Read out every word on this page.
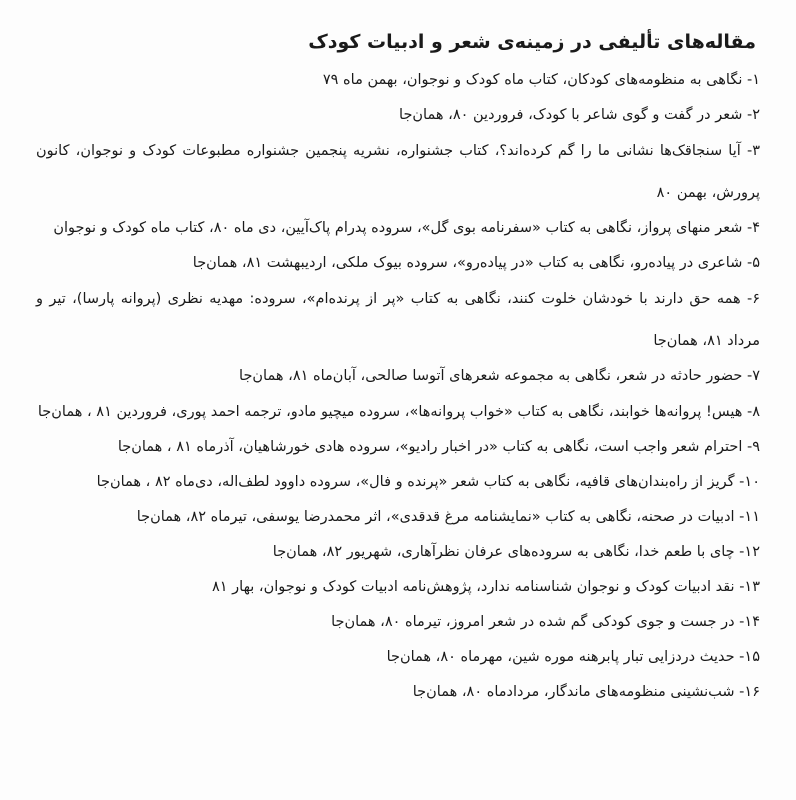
مقاله‌های تألیفی در زمینه‌ی شعر و ادبیات کودک
۱- نگاهی به منظومه‌های کودکان، کتاب ماه کودک و نوجوان، بهمن ماه ۷۹
۲- شعر در گفت و گوی شاعر با کودک، فروردین ۸۰، همان‌جا
۳- آیا سنجاقک‌ها نشانی ما را گم کرده‌اند؟، کتاب جشنواره، نشریه پنجمین جشنواره مطبوعات کودک و نوجوان، کانون پرورش، بهمن ۸۰
۴- شعر منهای پرواز، نگاهی به کتاب «سفرنامه بوی گل»، سروده پدرام پاک‌آیین، دی ماه ۸۰، کتاب ماه کودک و نوجوان
۵- شاعری در پیاده‌رو، نگاهی به کتاب «در پیاده‌رو»، سروده بیوک ملکی، اردیبهشت ۸۱، همان‌جا
۶- همه حق دارند با خودشان خلوت کنند، نگاهی به کتاب «پر از پرنده‌ام»، سروده: مهدیه نظری (پروانه پارسا)، تیر و مرداد ۸۱، همان‌جا
۷- حضور حادثه در شعر، نگاهی به مجموعه شعرهای آتوسا صالحی، آبان‌ماه ۸۱، همان‌جا
۸- هیس! پروانه‌ها خوابند، نگاهی به کتاب «خواب پروانه‌ها»، سروده میچیو مادو، ترجمه احمد پوری، فروردین ۸۱ ، همان‌جا
۹- احترام شعر واجب است، نگاهی به کتاب «در اخبار رادیو»، سروده هادی خورشاهیان، آذرماه ۸۱ ، همان‌جا
۱۰- گریز از راه‌بندان‌های قافیه، نگاهی به کتاب شعر «پرنده و فال»، سروده داوود لطف‌اله، دی‌ماه ۸۲ ، همان‌جا
۱۱- ادبیات در صحنه، نگاهی به کتاب «نمایشنامه مرغ قدقدی»، اثر محمدرضا یوسفی، تیرماه ۸۲، همان‌جا
۱۲- چای با طعم خدا، نگاهی به سروده‌های عرفان نظرآهاری، شهریور ۸۲، همان‌جا
۱۳- نقد ادبیات کودک و نوجوان شناسنامه ندارد، پژوهش‌نامه ادبیات کودک و نوجوان، بهار ۸۱
۱۴- در جست و جوی کودکی گم شده در شعر امروز، تیرماه ۸۰، همان‌جا
۱۵- حدیث دردزایی تبار پابرهنه موره شین، مهرماه ۸۰، همان‌جا
۱۶- شب‌نشینی منظومه‌های ماندگار، مردادماه ۸۰، همان‌جا
